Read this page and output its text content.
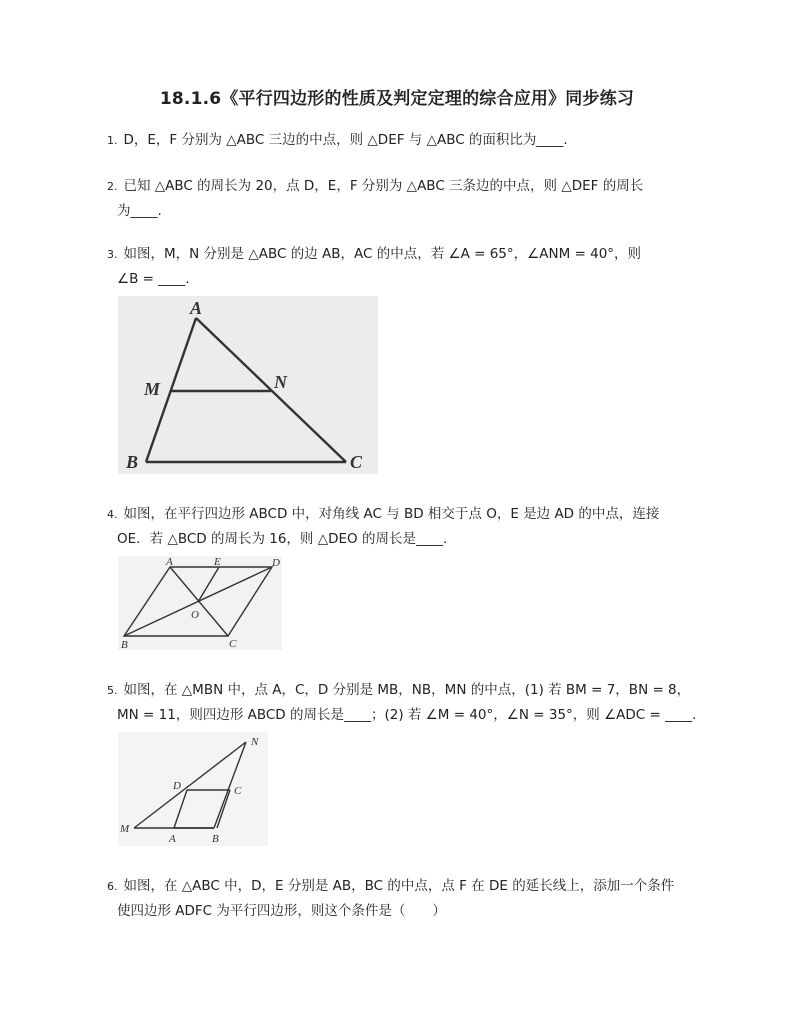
18.1.6《平行四边形的性质及判定定理的综合应用》同步练习
1. D，E，F 分别为 △ABC 三边的中点，则 △DEF 与 △ABC 的面积比为____.
2. 已知 △ABC 的周长为 20，点 D，E，F 分别为 △ABC 三条边的中点，则 △DEF 的周长
为____.
3. 如图，M，N 分别是 △ABC 的边 AB，AC 的中点，若 ∠A = 65°，∠ANM = 40°，则
∠B = ____.
A
M	N
B	C
4. 如图，在平行四边形 ABCD 中，对角线 AC 与 BD 相交于点 O，E 是边 AD 的中点，连接
OE．若 △BCD 的周长为 16，则 △DEO 的周长是____.
A	E	D
O
B	C
5. 如图，在 △MBN 中，点 A，C，D 分别是 MB，NB，MN 的中点，(1) 若 BM = 7，BN = 8，
MN = 11，则四边形 ABCD 的周长是____；(2) 若 ∠M = 40°，∠N = 35°，则 ∠ADC = ____.
N
D	C
M
A	B
6. 如图，在 △ABC 中，D，E 分别是 AB，BC 的中点，点 F 在 DE 的延长线上，添加一个条件
使四边形 ADFC 为平行四边形，则这个条件是（　　）
